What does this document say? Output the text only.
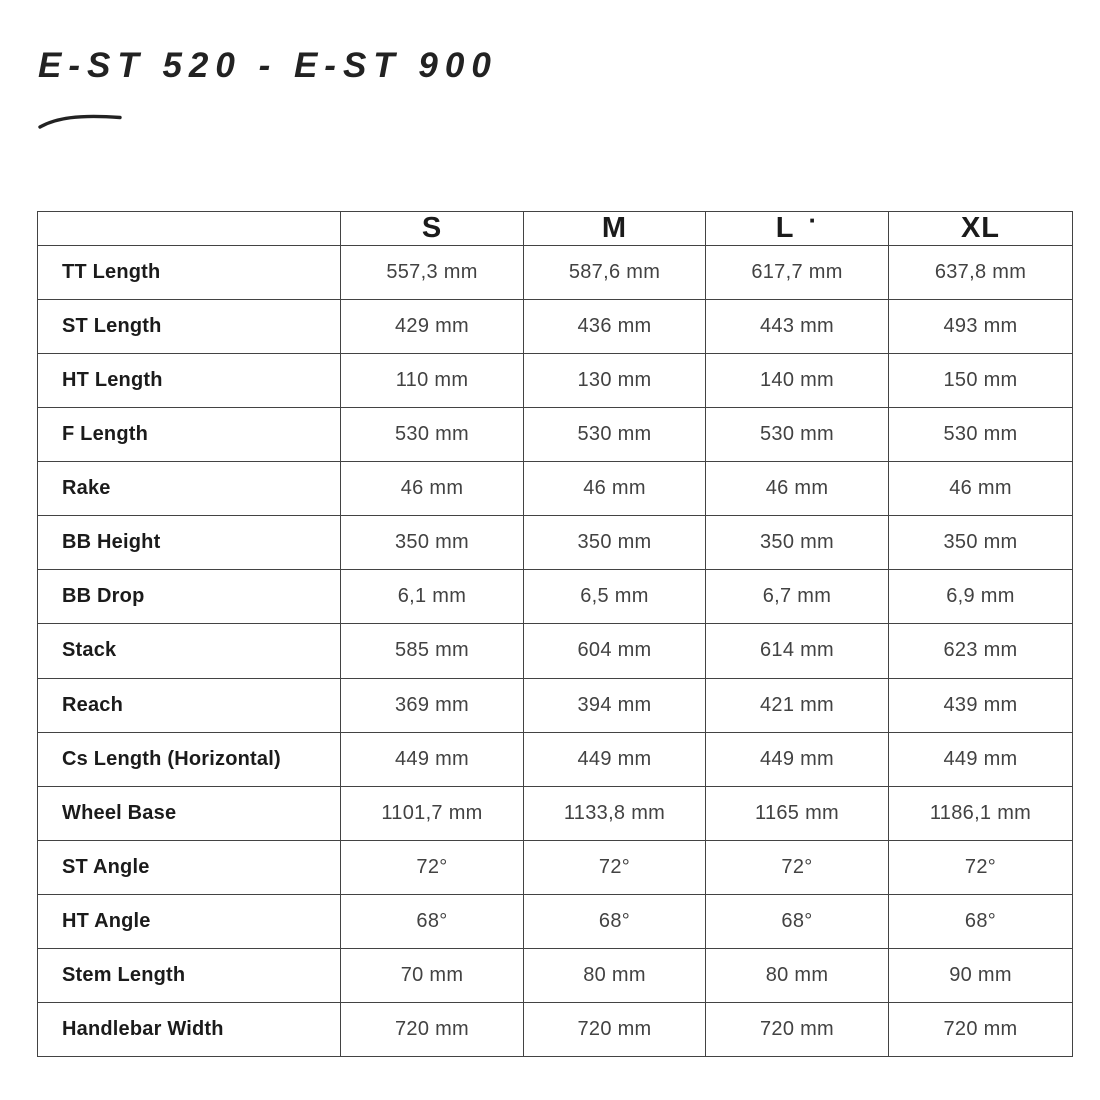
E-ST 520 - E-ST 900
	S	M	L ·	XL
TT Length	557,3 mm	587,6 mm	617,7 mm	637,8 mm
ST Length	429 mm	436 mm	443 mm	493 mm
HT Length	110 mm	130 mm	140 mm	150 mm
F Length	530 mm	530 mm	530 mm	530 mm
Rake	46 mm	46 mm	46 mm	46 mm
BB Height	350 mm	350 mm	350 mm	350 mm
BB Drop	6,1 mm	6,5 mm	6,7 mm	6,9 mm
Stack	585 mm	604 mm	614 mm	623 mm
Reach	369 mm	394 mm	421 mm	439 mm
Cs Length (Horizontal)	449 mm	449 mm	449 mm	449 mm
Wheel Base	1101,7 mm	1133,8 mm	1165 mm	1186,1 mm
ST Angle	72°	72°	72°	72°
HT Angle	68°	68°	68°	68°
Stem Length	70 mm	80 mm	80 mm	90 mm
Handlebar Width	720 mm	720 mm	720 mm	720 mm
